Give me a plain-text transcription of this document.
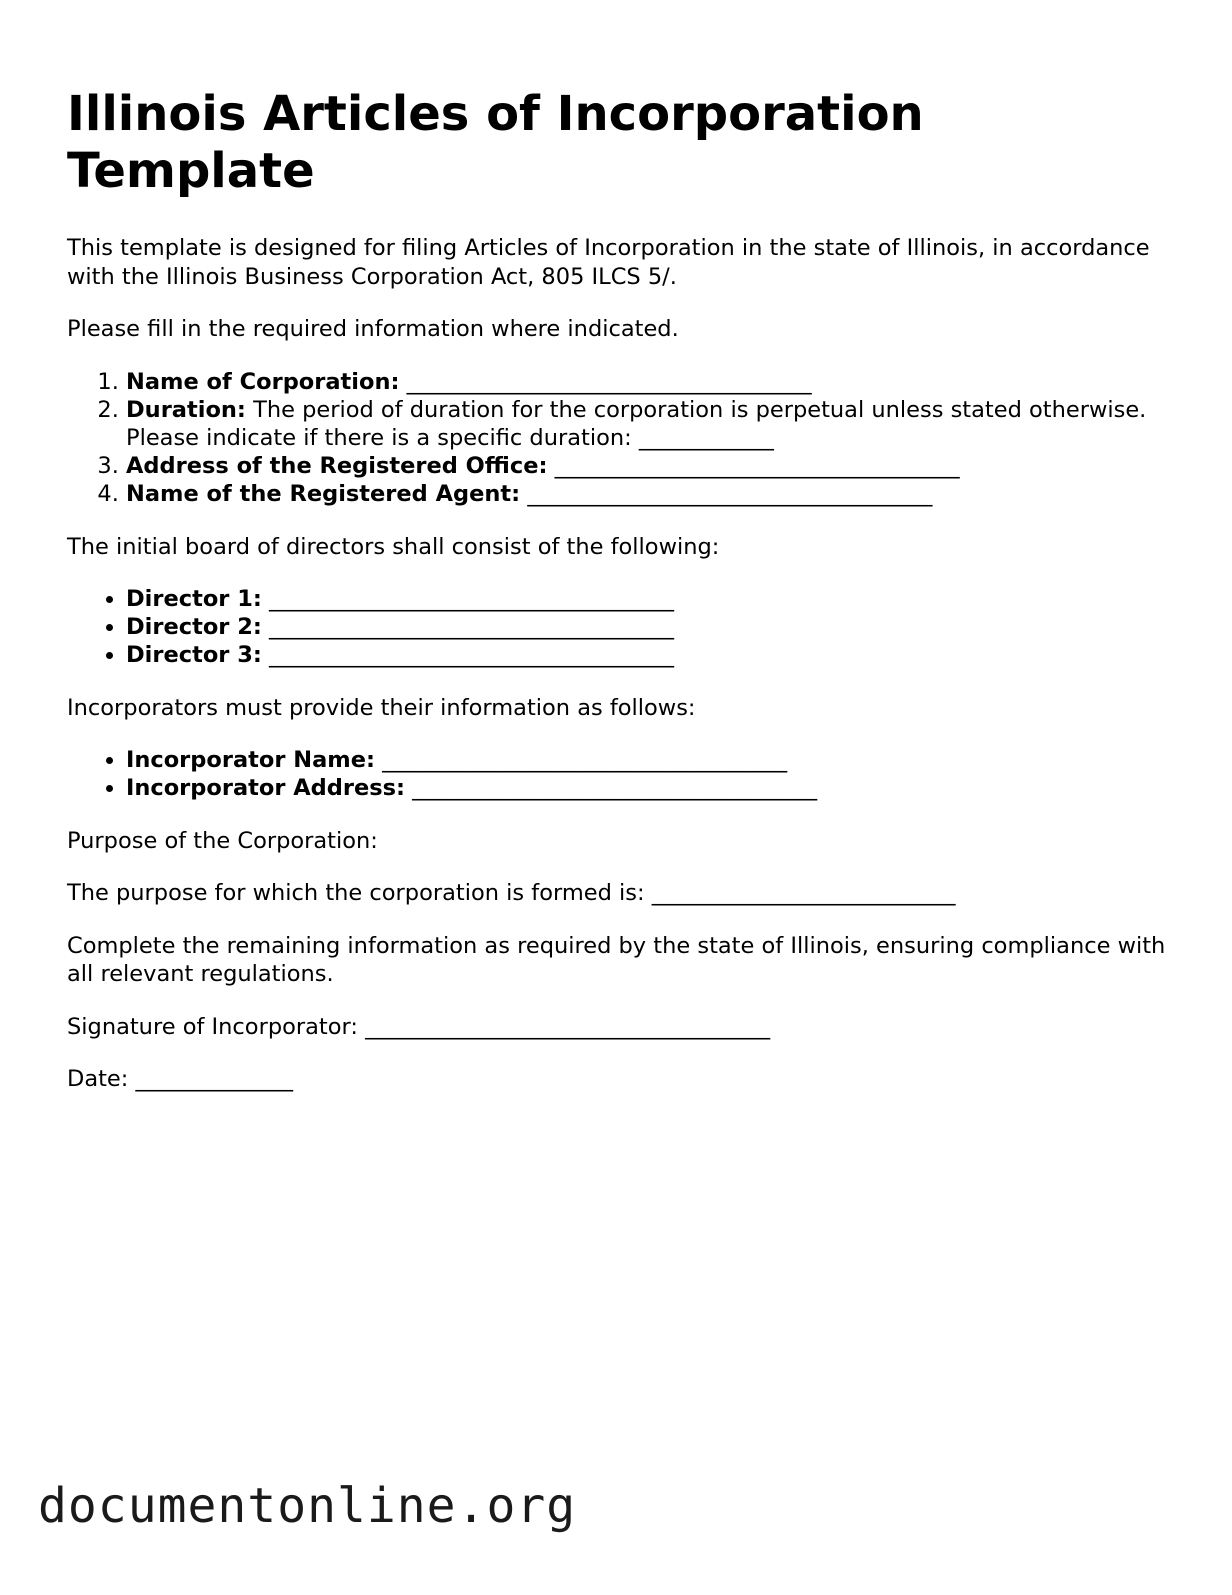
Illinois Articles of Incorporation Template

This template is designed for filing Articles of Incorporation in the state of Illinois, in accordance with the Illinois Business Corporation Act, 805 ILCS 5/.

Please fill in the required information where indicated.

1. Name of Corporation: ____________________________________
2. Duration: The period of duration for the corporation is perpetual unless stated otherwise. Please indicate if there is a specific duration: ____________
3. Address of the Registered Office: ____________________________________
4. Name of the Registered Agent: ____________________________________

The initial board of directors shall consist of the following:

• Director 1: ____________________________________
• Director 2: ____________________________________
• Director 3: ____________________________________

Incorporators must provide their information as follows:

• Incorporator Name: ____________________________________
• Incorporator Address: ____________________________________

Purpose of the Corporation:

The purpose for which the corporation is formed is: ___________________________

Complete the remaining information as required by the state of Illinois, ensuring compliance with all relevant regulations.

Signature of Incorporator: ____________________________________

Date: ______________

documentonline.org
